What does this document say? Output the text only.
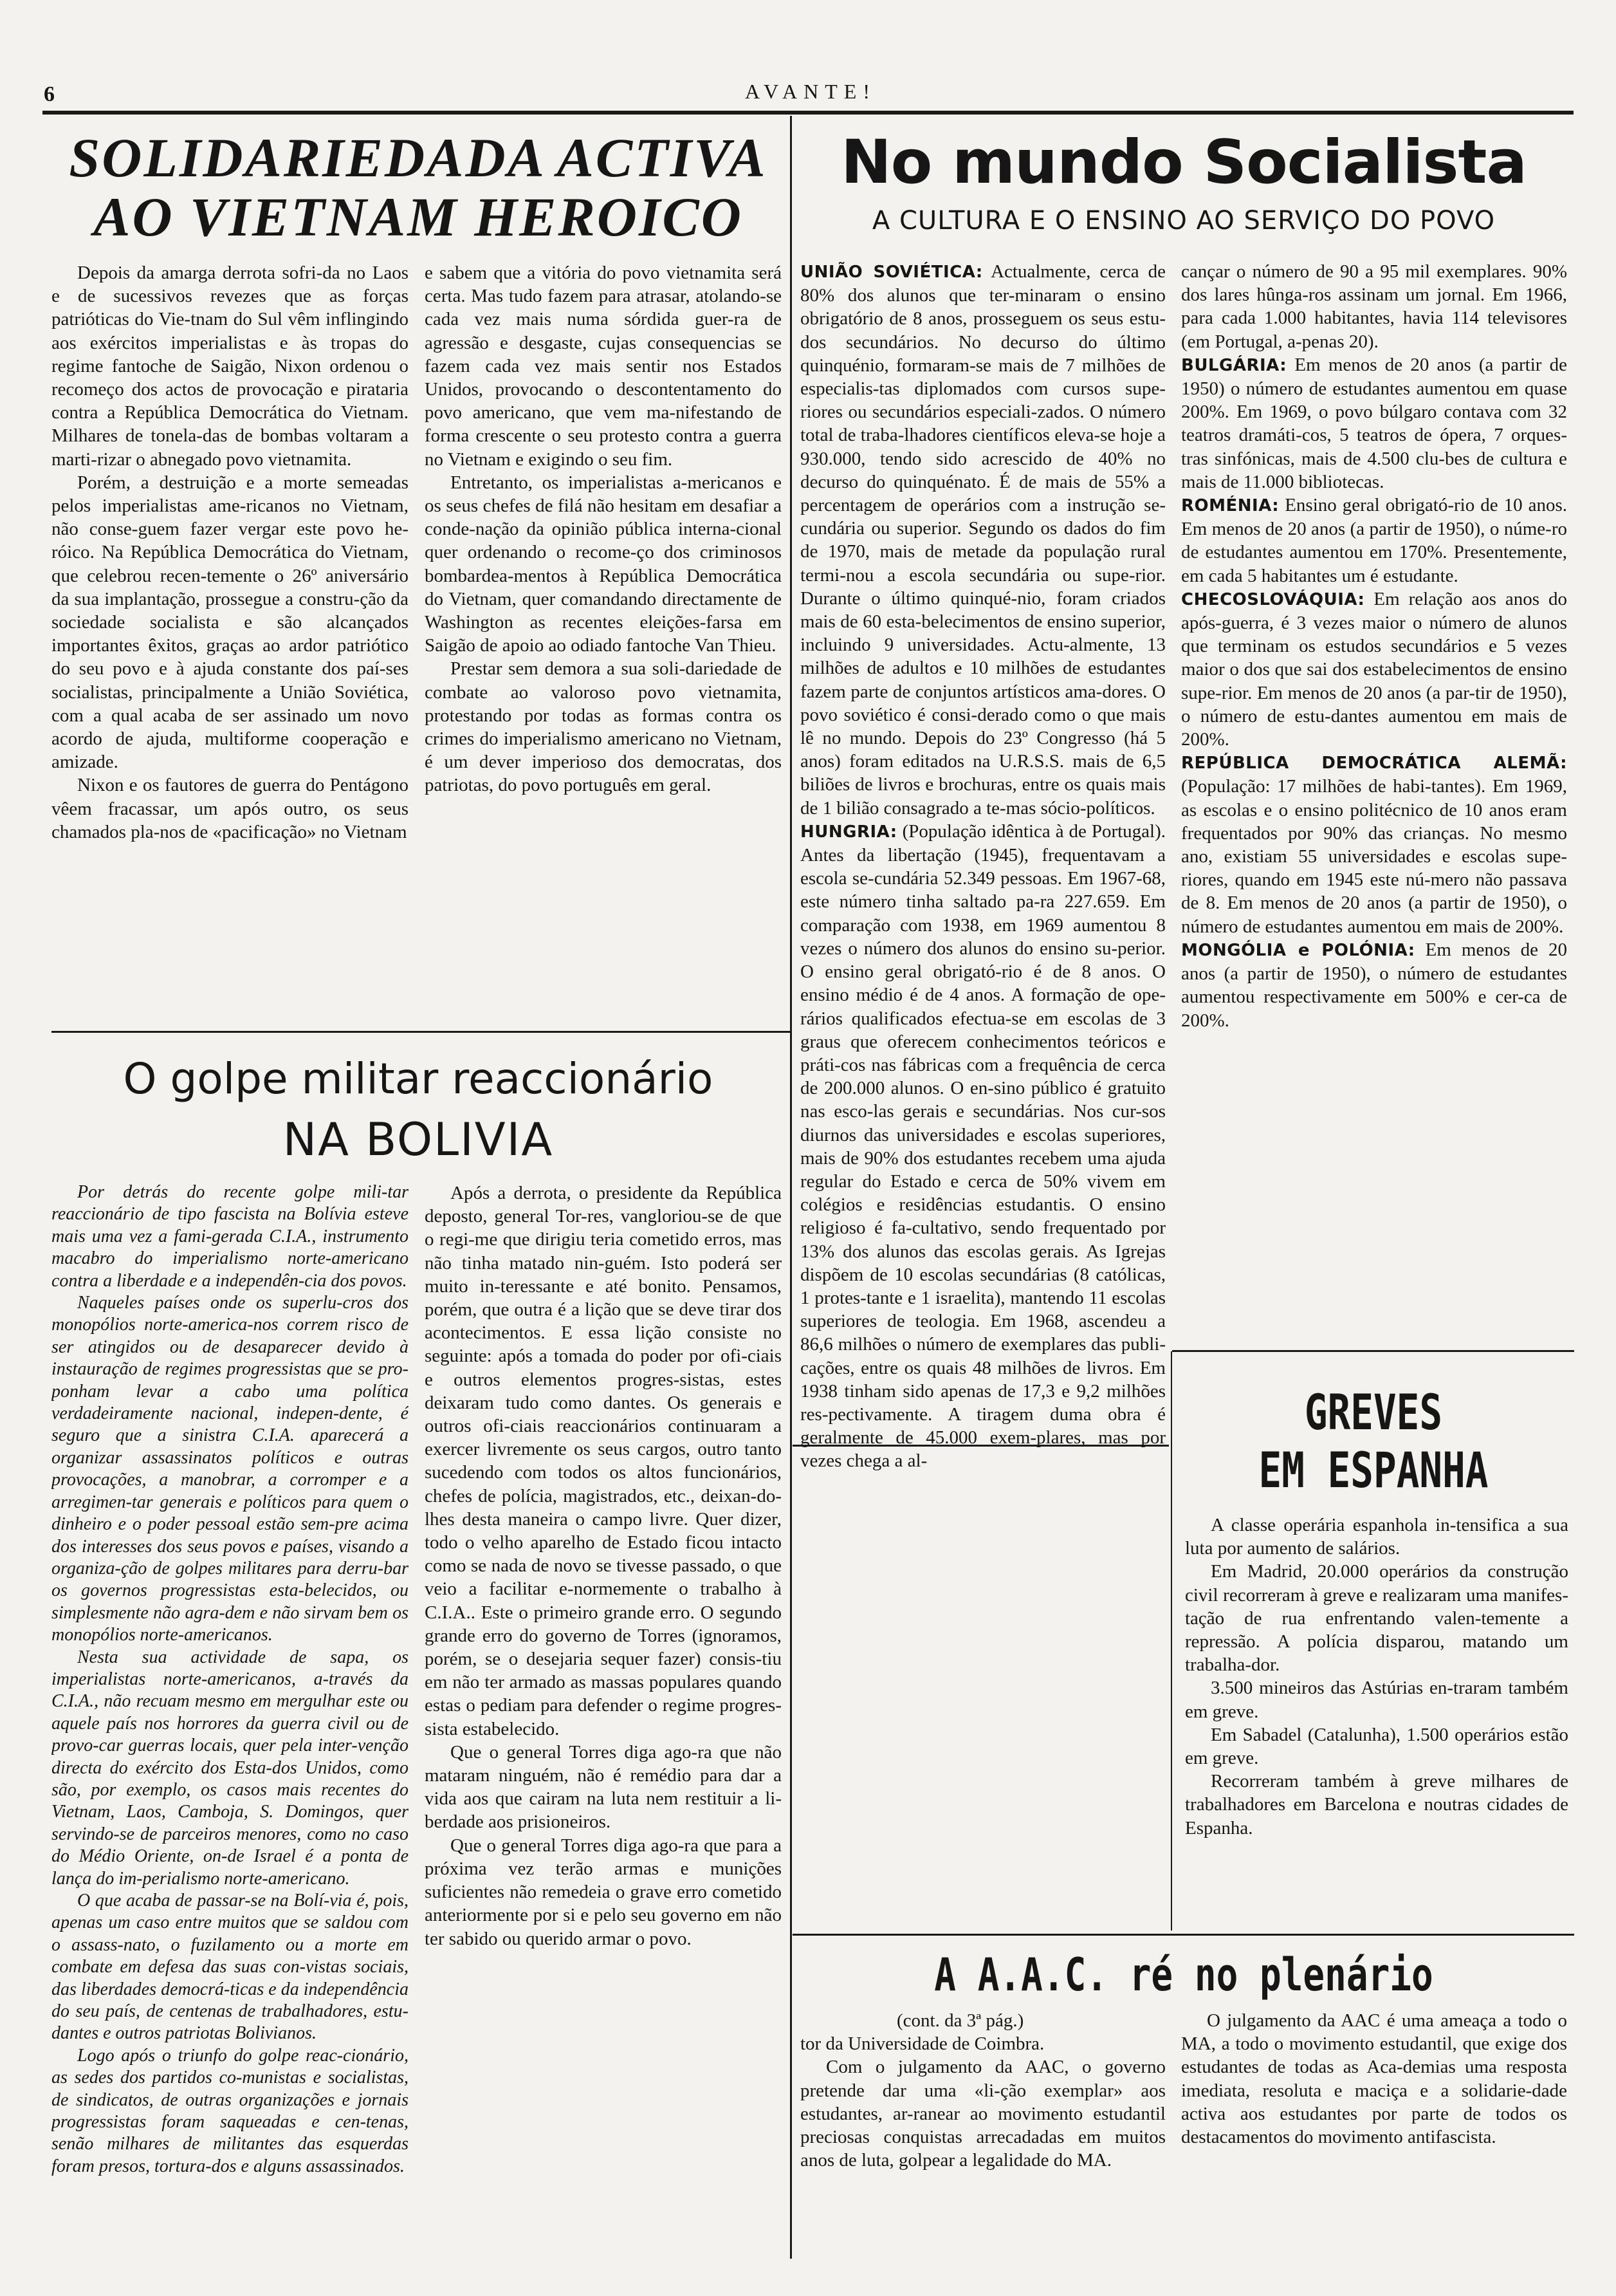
6	AVANTE!
SOLIDARIEDADA ACTIVA
AO VIETNAM HEROICO

Depois da amarga derrota sofri-da no Laos e de sucessivos revezes que as forças patrióticas do Vie-tnam do Sul vêm inflingindo aos exércitos imperialistas e às tropas do regime fantoche de Saigão, Nixon ordenou o recomeço dos actos de provocação e pirataria contra a República Democrática do Vietnam. Milhares de tonela-das de bombas voltaram a marti-rizar o abnegado povo vietnamita.

Porém, a destruição e a morte semeadas pelos imperialistas ame-ricanos no Vietnam, não conse-guem fazer vergar este povo he-róico. Na República Democrática do Vietnam, que celebrou recen-temente o 26º aniversário da sua implantação, prossegue a constru-ção da sociedade socialista e são alcançados importantes êxitos, graças ao ardor patriótico do seu povo e à ajuda constante dos paí-ses socialistas, principalmente a União Soviética, com a qual acaba de ser assinado um novo acordo de ajuda, multiforme cooperação e amizade.

Nixon e os fautores de guerra do Pentágono vêem fracassar, um após outro, os seus chamados pla-nos de «pacificação» no Vietnam

e sabem que a vitória do povo vietnamita será certa. Mas tudo fazem para atrasar, atolando-se cada vez mais numa sórdida guer-ra de agressão e desgaste, cujas consequencias se fazem cada vez mais sentir nos Estados Unidos, provocando o descontentamento do povo americano, que vem ma-nifestando de forma crescente o seu protesto contra a guerra no Vietnam e exigindo o seu fim.

Entretanto, os imperialistas a-mericanos e os seus chefes de filá não hesitam em desafiar a conde-nação da opinião pública interna-cional quer ordenando o recome-ço dos criminosos bombardea-mentos à República Democrática do Vietnam, quer comandando directamente de Washington as recentes eleições-farsa em Saigão de apoio ao odiado fantoche Van Thieu.

Prestar sem demora a sua soli-dariedade de combate ao valoroso povo vietnamita, protestando por todas as formas contra os crimes do imperialismo americano no Vietnam, é um dever imperioso dos democratas, dos patriotas, do povo português em geral.

No mundo Socialista
A CULTURA E O ENSINO AO SERVIÇO DO POVO

UNIÃO SOVIÉTICA: Actualmente, cerca de 80% dos alunos que ter-minaram o ensino obrigatório de 8 anos, prosseguem os seus estu-dos secundários. No decurso do último quinquénio, formaram-se mais de 7 milhões de especialis-tas diplomados com cursos supe-riores ou secundários especiali-zados. O número total de traba-lhadores científicos eleva-se hoje a 930.000, tendo sido acrescido de 40% no decurso do quinquénato. É de mais de 55% a percentagem de operários com a instrução se-cundária ou superior. Segundo os dados do fim de 1970, mais de metade da população rural termi-nou a escola secundária ou supe-rior. Durante o último quinqué-nio, foram criados mais de 60 esta-belecimentos de ensino superior, incluindo 9 universidades. Actu-almente, 13 milhões de adultos e 10 milhões de estudantes fazem parte de conjuntos artísticos ama-dores. O povo soviético é consi-derado como o que mais lê no mundo. Depois do 23º Congresso (há 5 anos) foram editados na U.R.S.S. mais de 6,5 biliões de livros e brochuras, entre os quais mais de 1 bilião consagrado a te-mas sócio-políticos.

HUNGRIA: (População idêntica à de Portugal). Antes da libertação (1945), frequentavam a escola se-cundária 52.349 pessoas. Em 1967-68, este número tinha saltado pa-ra 227.659. Em comparação com 1938, em 1969 aumentou 8 vezes o número dos alunos do ensino su-perior. O ensino geral obrigató-rio é de 8 anos. O ensino médio é de 4 anos. A formação de ope-rários qualificados efectua-se em escolas de 3 graus que oferecem conhecimentos teóricos e práti-cos nas fábricas com a frequência de cerca de 200.000 alunos. O en-sino público é gratuito nas esco-las gerais e secundárias. Nos cur-sos diurnos das universidades e escolas superiores, mais de 90% dos estudantes recebem uma ajuda regular do Estado e cerca de 50% vivem em colégios e residências estudantis. O ensino religioso é fa-cultativo, sendo frequentado por 13% dos alunos das escolas gerais. As Igrejas dispõem de 10 escolas secundárias (8 católicas, 1 protes-tante e 1 israelita), mantendo 11 escolas superiores de teologia. Em 1968, ascendeu a 86,6 milhões o número de exemplares das publi-cações, entre os quais 48 milhões de livros. Em 1938 tinham sido apenas de 17,3 e 9,2 milhões res-pectivamente. A tiragem duma obra é geralmente de 45.000 exem-plares, mas por vezes chega a al-

cançar o número de 90 a 95 mil exemplares. 90% dos lares hûnga-ros assinam um jornal. Em 1966, para cada 1.000 habitantes, havia 114 televisores (em Portugal, a-penas 20).

BULGÁRIA: Em menos de 20 anos (a partir de 1950) o número de estudantes aumentou em quase 200%. Em 1969, o povo búlgaro contava com 32 teatros dramáti-cos, 5 teatros de ópera, 7 orques-tras sinfónicas, mais de 4.500 clu-bes de cultura e mais de 11.000 bibliotecas.

ROMÉNIA: Ensino geral obrigató-rio de 10 anos. Em menos de 20 anos (a partir de 1950), o núme-ro de estudantes aumentou em 170%. Presentemente, em cada 5 habitantes um é estudante.

CHECOSLOVÁQUIA: Em relação aos anos do após-guerra, é 3 vezes maior o número de alunos que terminam os estudos secundários e 5 vezes maior o dos que sai dos estabelecimentos de ensino supe-rior. Em menos de 20 anos (a par-tir de 1950), o número de estu-dantes aumentou em mais de 200%.

REPÚBLICA DEMOCRÁTICA ALEMÃ: (População: 17 milhões de habi-tantes). Em 1969, as escolas e o ensino politécnico de 10 anos eram frequentados por 90% das crianças. No mesmo ano, existiam 55 universidades e escolas supe-riores, quando em 1945 este nú-mero não passava de 8. Em menos de 20 anos (a partir de 1950), o número de estudantes aumentou em mais de 200%.

MONGÓLIA e POLÓNIA: Em menos de 20 anos (a partir de 1950), o número de estudantes aumentou respectivamente em 500% e cer-ca de 200%.

O golpe militar reaccionário
NA BOLIVIA

Por detrás do recente golpe mili-tar reaccionário de tipo fascista na Bolívia esteve mais uma vez a fami-gerada C.I.A., instrumento macabro do imperialismo norte-americano contra a liberdade e a independên-cia dos povos.

Naqueles países onde os superlu-cros dos monopólios norte-america-nos correm risco de ser atingidos ou de desaparecer devido à instauração de regimes progressistas que se pro-ponham levar a cabo uma política verdadeiramente nacional, indepen-dente, é seguro que a sinistra C.I.A. aparecerá a organizar assassinatos políticos e outras provocações, a manobrar, a corromper e a arregimen-tar generais e políticos para quem o dinheiro e o poder pessoal estão sem-pre acima dos interesses dos seus povos e países, visando a organiza-ção de golpes militares para derru-bar os governos progressistas esta-belecidos, ou simplesmente não agra-dem e não sirvam bem os monopólios norte-americanos.

Nesta sua actividade de sapa, os imperialistas norte-americanos, a-través da C.I.A., não recuam mesmo em mergulhar este ou aquele país nos horrores da guerra civil ou de provo-car guerras locais, quer pela inter-venção directa do exército dos Esta-dos Unidos, como são, por exemplo, os casos mais recentes do Vietnam, Laos, Camboja, S. Domingos, quer servindo-se de parceiros menores, como no caso do Médio Oriente, on-de Israel é a ponta de lança do im-perialismo norte-americano.

O que acaba de passar-se na Bolí-via é, pois, apenas um caso entre muitos que se saldou com o assass-nato, o fuzilamento ou a morte em combate em defesa das suas con-vistas sociais, das liberdades democrá-ticas e da independência do seu país, de centenas de trabalhadores, estu-dantes e outros patriotas Bolivianos.

Logo após o triunfo do golpe reac-cionário, as sedes dos partidos co-munistas e socialistas, de sindicatos, de outras organizações e jornais progressistas foram saqueadas e cen-tenas, senão milhares de militantes das esquerdas foram presos, tortura-dos e alguns assassinados.

Após a derrota, o presidente da República deposto, general Tor-res, vangloriou-se de que o regi-me que dirigiu teria cometido erros, mas não tinha matado nin-guém. Isto poderá ser muito in-teressante e até bonito. Pensamos, porém, que outra é a lição que se deve tirar dos acontecimentos. E essa lição consiste no seguinte: após a tomada do poder por ofi-ciais e outros elementos progres-sistas, estes deixaram tudo como dantes. Os generais e outros ofi-ciais reaccionários continuaram a exercer livremente os seus cargos, outro tanto sucedendo com todos os altos funcionários, chefes de polícia, magistrados, etc., deixan-do-lhes desta maneira o campo livre. Quer dizer, todo o velho aparelho de Estado ficou intacto como se nada de novo se tivesse passado, o que veio a facilitar e-normemente o trabalho à C.I.A.. Este o primeiro grande erro. O segundo grande erro do governo de Torres (ignoramos, porém, se o desejaria sequer fazer) consis-tiu em não ter armado as massas populares quando estas o pediam para defender o regime progres-sista estabelecido.

Que o general Torres diga ago-ra que não mataram ninguém, não é remédio para dar a vida aos que cairam na luta nem restituir a li-berdade aos prisioneiros.

Que o general Torres diga ago-ra que para a próxima vez terão armas e munições suficientes não remedeia o grave erro cometido anteriormente por si e pelo seu governo em não ter sabido ou querido armar o povo.

GREVES
EM ESPANHA

A classe operária espanhola in-tensifica a sua luta por aumento de salários.

Em Madrid, 20.000 operários da construção civil recorreram à greve e realizaram uma manifes-tação de rua enfrentando valen-temente a repressão. A polícia disparou, matando um trabalha-dor.

3.500 mineiros das Astúrias en-traram também em greve.

Em Sabadel (Catalunha), 1.500 operários estão em greve.

Recorreram também à greve milhares de trabalhadores em Barcelona e noutras cidades de Espanha.

A A.A.C. ré no plenário

(cont. da 3ª pág.)

tor da Universidade de Coimbra.

Com o julgamento da AAC, o governo pretende dar uma «li-ção exemplar» aos estudantes, ar-ranear ao movimento estudantil preciosas conquistas arrecadadas em muitos anos de luta, golpear a legalidade do MA.

O julgamento da AAC é uma ameaça a todo o MA, a todo o movimento estudantil, que exige dos estudantes de todas as Aca-demias uma resposta imediata, resoluta e maciça e a solidarie-dade activa aos estudantes por parte de todos os destacamentos do movimento antifascista.
